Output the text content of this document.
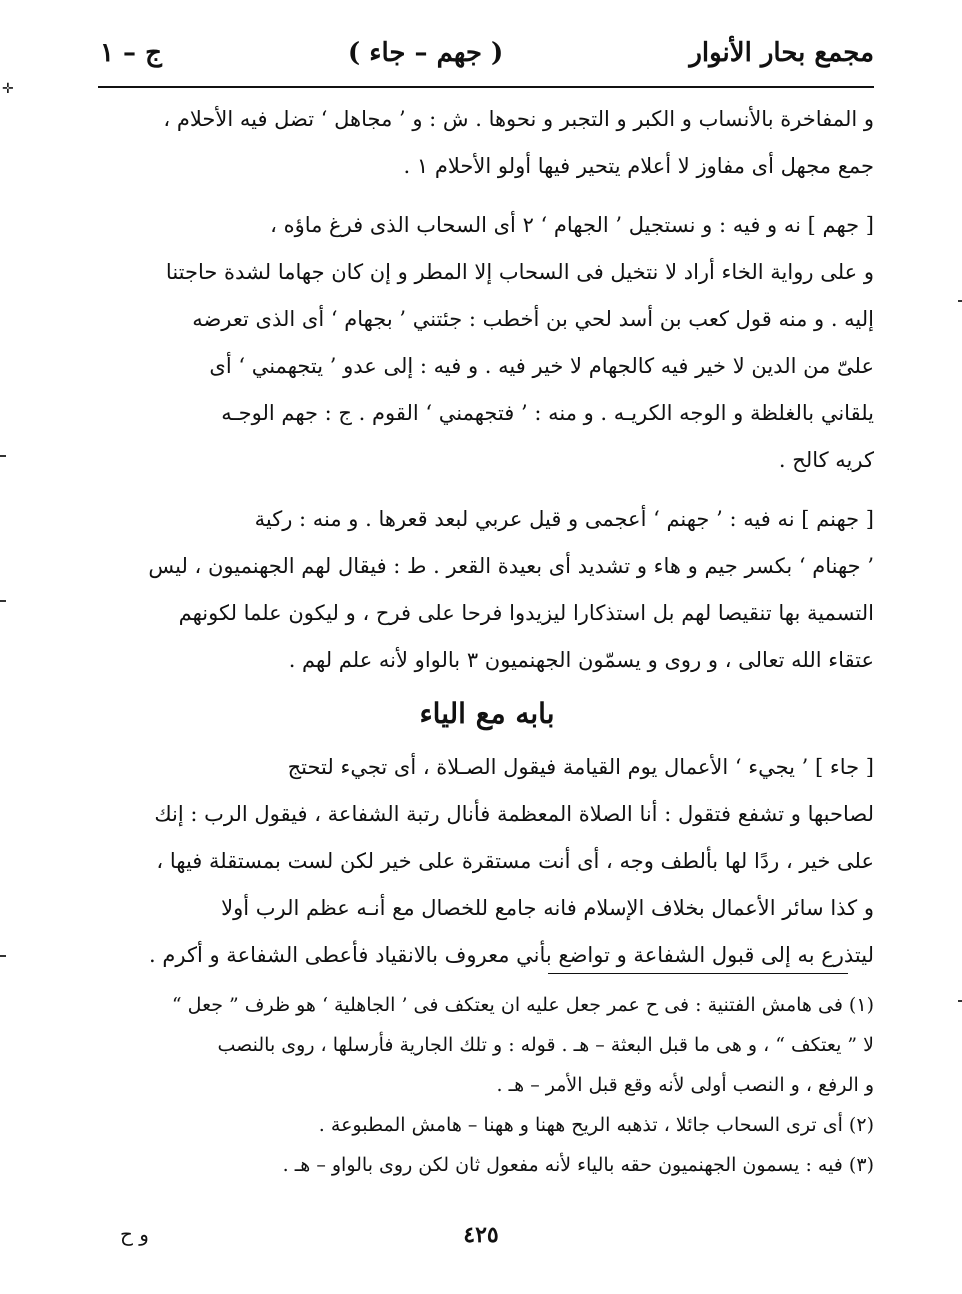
✛
مجمع بحار الأنوار
( جهم – جاء )
ج – ١
و المفاخرة بالأنساب و الكبر و التجبر و نحوها . ش : و ’ مجاهل ‘ تضل فيه الأحلام ،
جمع مجهل أى مفاوز لا أعلام يتحير فيها أولو الأحلام ١ .
[ جهم ] نه و فيه : و نستجيل ’ الجهام ‘ ٢ أى السحاب الذى فرغ ماؤه ،
و على رواية الخاء أراد لا نتخيل فى السحاب إلا المطر و إن كان جهاما لشدة حاجتنا
إليه . و منه قول كعب بن أسد لحي بن أخطب : جئتني ’ بجهام ‘ أى الذى تعرضه
علىّ من الدين لا خير فيه كالجهام لا خير فيه . و فيه : إلى عدو ’ يتجهمني ‘ أى
يلقاني بالغلظة و الوجه الكريـه . و منه : ’ فتجهمني ‘ القوم . ج : جهم الوجـه
كريه كالح .
[ جهنم ] نه فيه : ’ جهنم ‘ أعجمى و قيل عربي لبعد قعرها . و منه : ركية
’ جهنام ‘ بكسر جيم و هاء و تشديد أى بعيدة القعر . ط : فيقال لهم الجهنميون ، ليس
التسمية بها تنقيصا لهم بل استذكارا ليزيدوا فرحا على فرح ، و ليكون علما لكونهم
عتقاء الله تعالى ، و روى و يسمّون الجهنميون ٣ بالواو لأنه علم لهم .
بابه مع الياء
[ جاء ] ’ يجيء ‘ الأعمال يوم القيامة فيقول الصـلاة ، أى تجيء لتحتج
لصاحبها و تشفع فتقول : أنا الصلاة المعظمة فأنال رتبة الشفاعة ، فيقول الرب : إنك
على خير ، ردًا لها بألطف وجه ، أى أنت مستقرة على خير لكن لست بمستقلة فيها ،
و كذا سائر الأعمال بخلاف الإسلام فانه جامع للخصال مع أنـه عظم الرب أولا
ليتذرع به إلى قبول الشفاعة و تواضع بأني معروف بالانقياد فأعطى الشفاعة و أكرم .
(١) فى هامش الفتنية : فى ح عمر جعل عليه ان يعتكف فى ’ الجاهلية ‘ هو ظرف ” جعل “
لا ” يعتكف “ ، و هى ما قبل البعثة – هـ . قوله : و تلك الجارية فأرسلها ، روى بالنصب
و الرفع ، و النصب أولى لأنه وقع قبل الأمر – هـ .
(٢) أى ترى السحاب جائلا ، تذهبه الريح ههنا و ههنا – هامش المطبوعة .
(٣) فيه : يسمون الجهنميون حقه بالياء لأنه مفعول ثان لكن روى بالواو – هـ .
٤٢٥
و ح
